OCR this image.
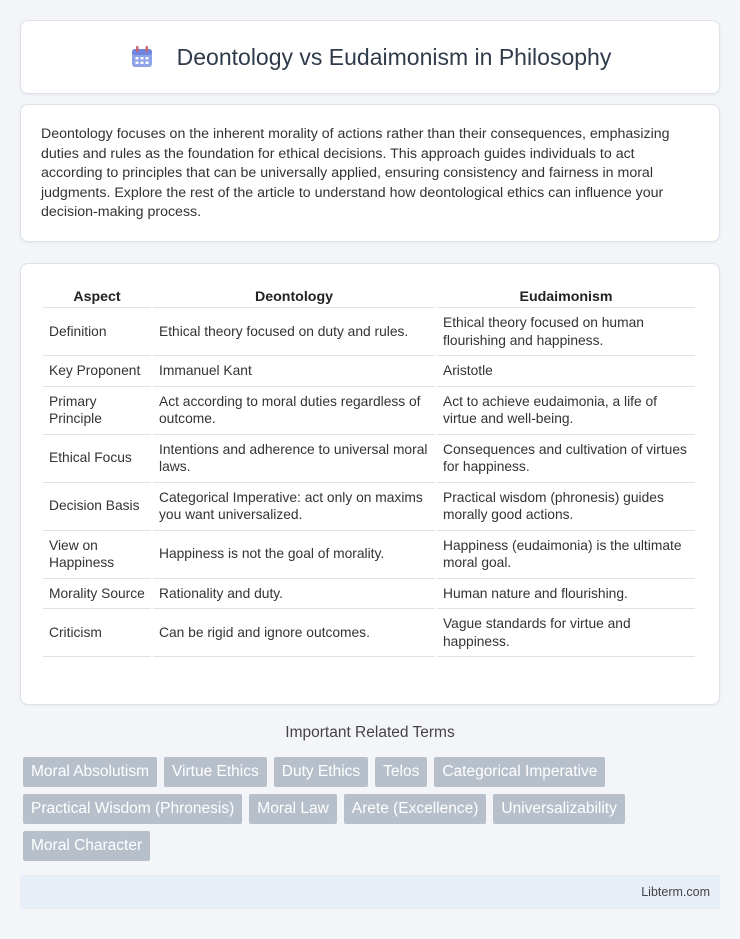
Deontology vs Eudaimonism in Philosophy

Deontology focuses on the inherent morality of actions rather than their consequences, emphasizing duties and rules as the foundation for ethical decisions. This approach guides individuals to act according to principles that can be universally applied, ensuring consistency and fairness in moral judgments. Explore the rest of the article to understand how deontological ethics can influence your decision-making process.

Aspect	Deontology	Eudaimonism
Definition	Ethical theory focused on duty and rules.	Ethical theory focused on human flourishing and happiness.
Key Proponent	Immanuel Kant	Aristotle
Primary Principle	Act according to moral duties regardless of outcome.	Act to achieve eudaimonia, a life of virtue and well-being.
Ethical Focus	Intentions and adherence to universal moral laws.	Consequences and cultivation of virtues for happiness.
Decision Basis	Categorical Imperative: act only on maxims you want universalized.	Practical wisdom (phronesis) guides morally good actions.
View on Happiness	Happiness is not the goal of morality.	Happiness (eudaimonia) is the ultimate moral goal.
Morality Source	Rationality and duty.	Human nature and flourishing.
Criticism	Can be rigid and ignore outcomes.	Vague standards for virtue and happiness.
Important Related Terms
Moral Absolutism	Virtue Ethics	Duty Ethics	Telos	Categorical Imperative
Practical Wisdom (Phronesis)	Moral Law	Arete (Excellence)	Universalizability
Moral Character
Libterm.com
